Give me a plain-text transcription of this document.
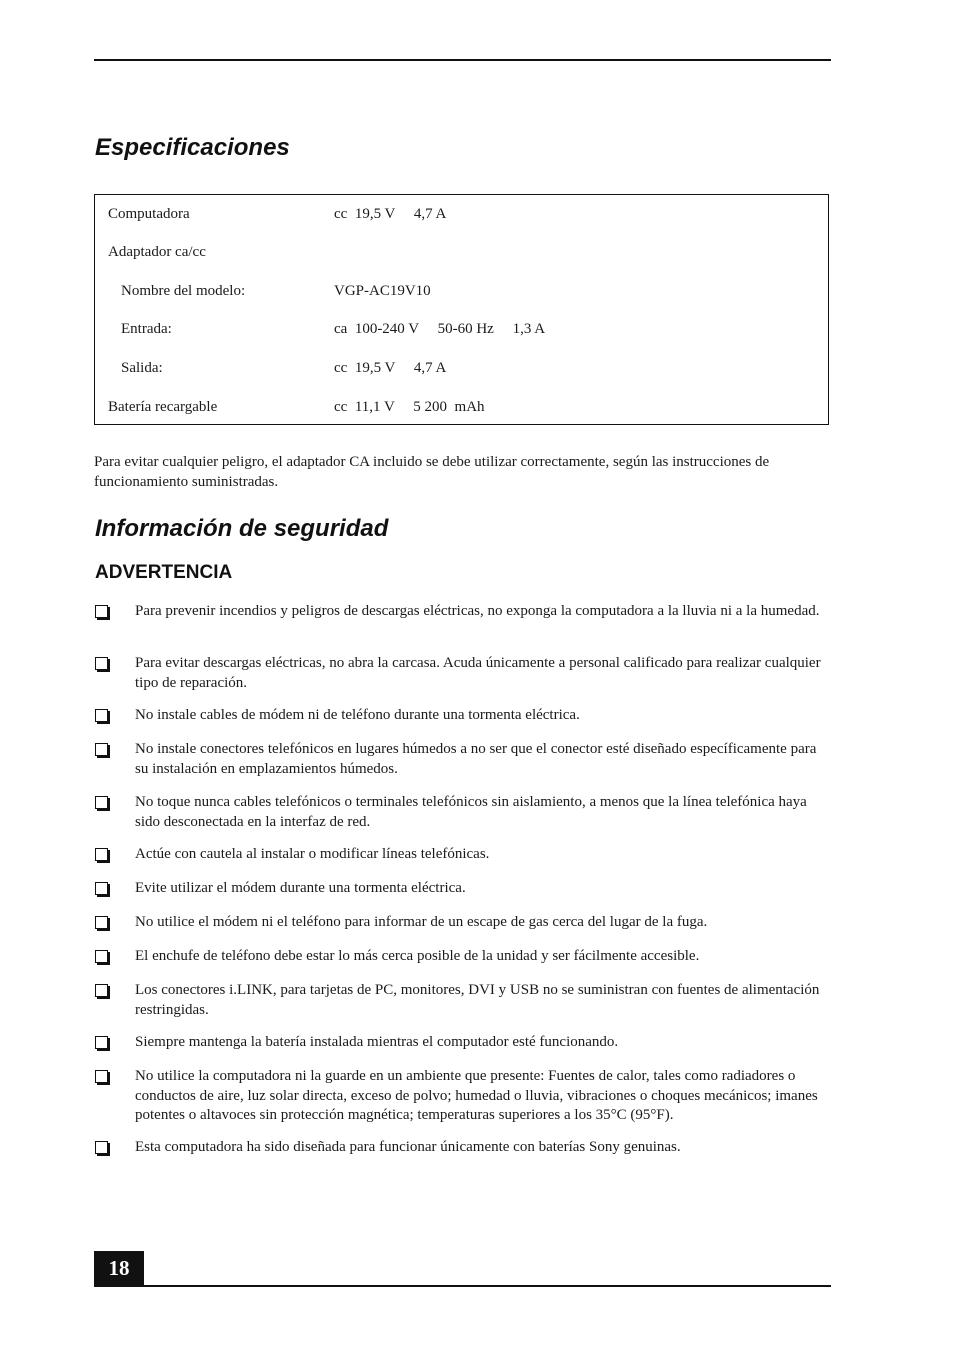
Especificaciones
Computadora	cc  19,5 V     4,7 A
Adaptador ca/cc
Nombre del modelo:	VGP-AC19V10
Entrada:	ca  100-240 V     50-60 Hz     1,3 A
Salida:	cc  19,5 V     4,7 A
Batería recargable	cc  11,1 V     5 200  mAh

Para evitar cualquier peligro, el adaptador CA incluido se debe utilizar correctamente, según las instrucciones de funcionamiento suministradas.

Información de seguridad
ADVERTENCIA

Para prevenir incendios y peligros de descargas eléctricas, no exponga la computadora a la lluvia ni a la humedad.

Para evitar descargas eléctricas, no abra la carcasa. Acuda únicamente a personal calificado para realizar cualquier tipo de reparación.

No instale cables de módem ni de teléfono durante una tormenta eléctrica.

No instale conectores telefónicos en lugares húmedos a no ser que el conector esté diseñado específicamente para su instalación en emplazamientos húmedos.

No toque nunca cables telefónicos o terminales telefónicos sin aislamiento, a menos que la línea telefónica haya sido desconectada en la interfaz de red.

Actúe con cautela al instalar o modificar líneas telefónicas.

Evite utilizar el módem durante una tormenta eléctrica.

No utilice el módem ni el teléfono para informar de un escape de gas cerca del lugar de la fuga.

El enchufe de teléfono debe estar lo más cerca posible de la unidad y ser fácilmente accesible.

Los conectores i.LINK, para tarjetas de PC, monitores, DVI y USB no se suministran con fuentes de alimentación restringidas.

Siempre mantenga la batería instalada mientras el computador esté funcionando.

No utilice la computadora ni la guarde en un ambiente que presente: Fuentes de calor, tales como radiadores o conductos de aire, luz solar directa, exceso de polvo; humedad o lluvia, vibraciones o choques mecánicos; imanes potentes o altavoces sin protección magnética; temperaturas superiores a los 35°C (95°F).

Esta computadora ha sido diseñada para funcionar únicamente con baterías Sony genuinas.

18
